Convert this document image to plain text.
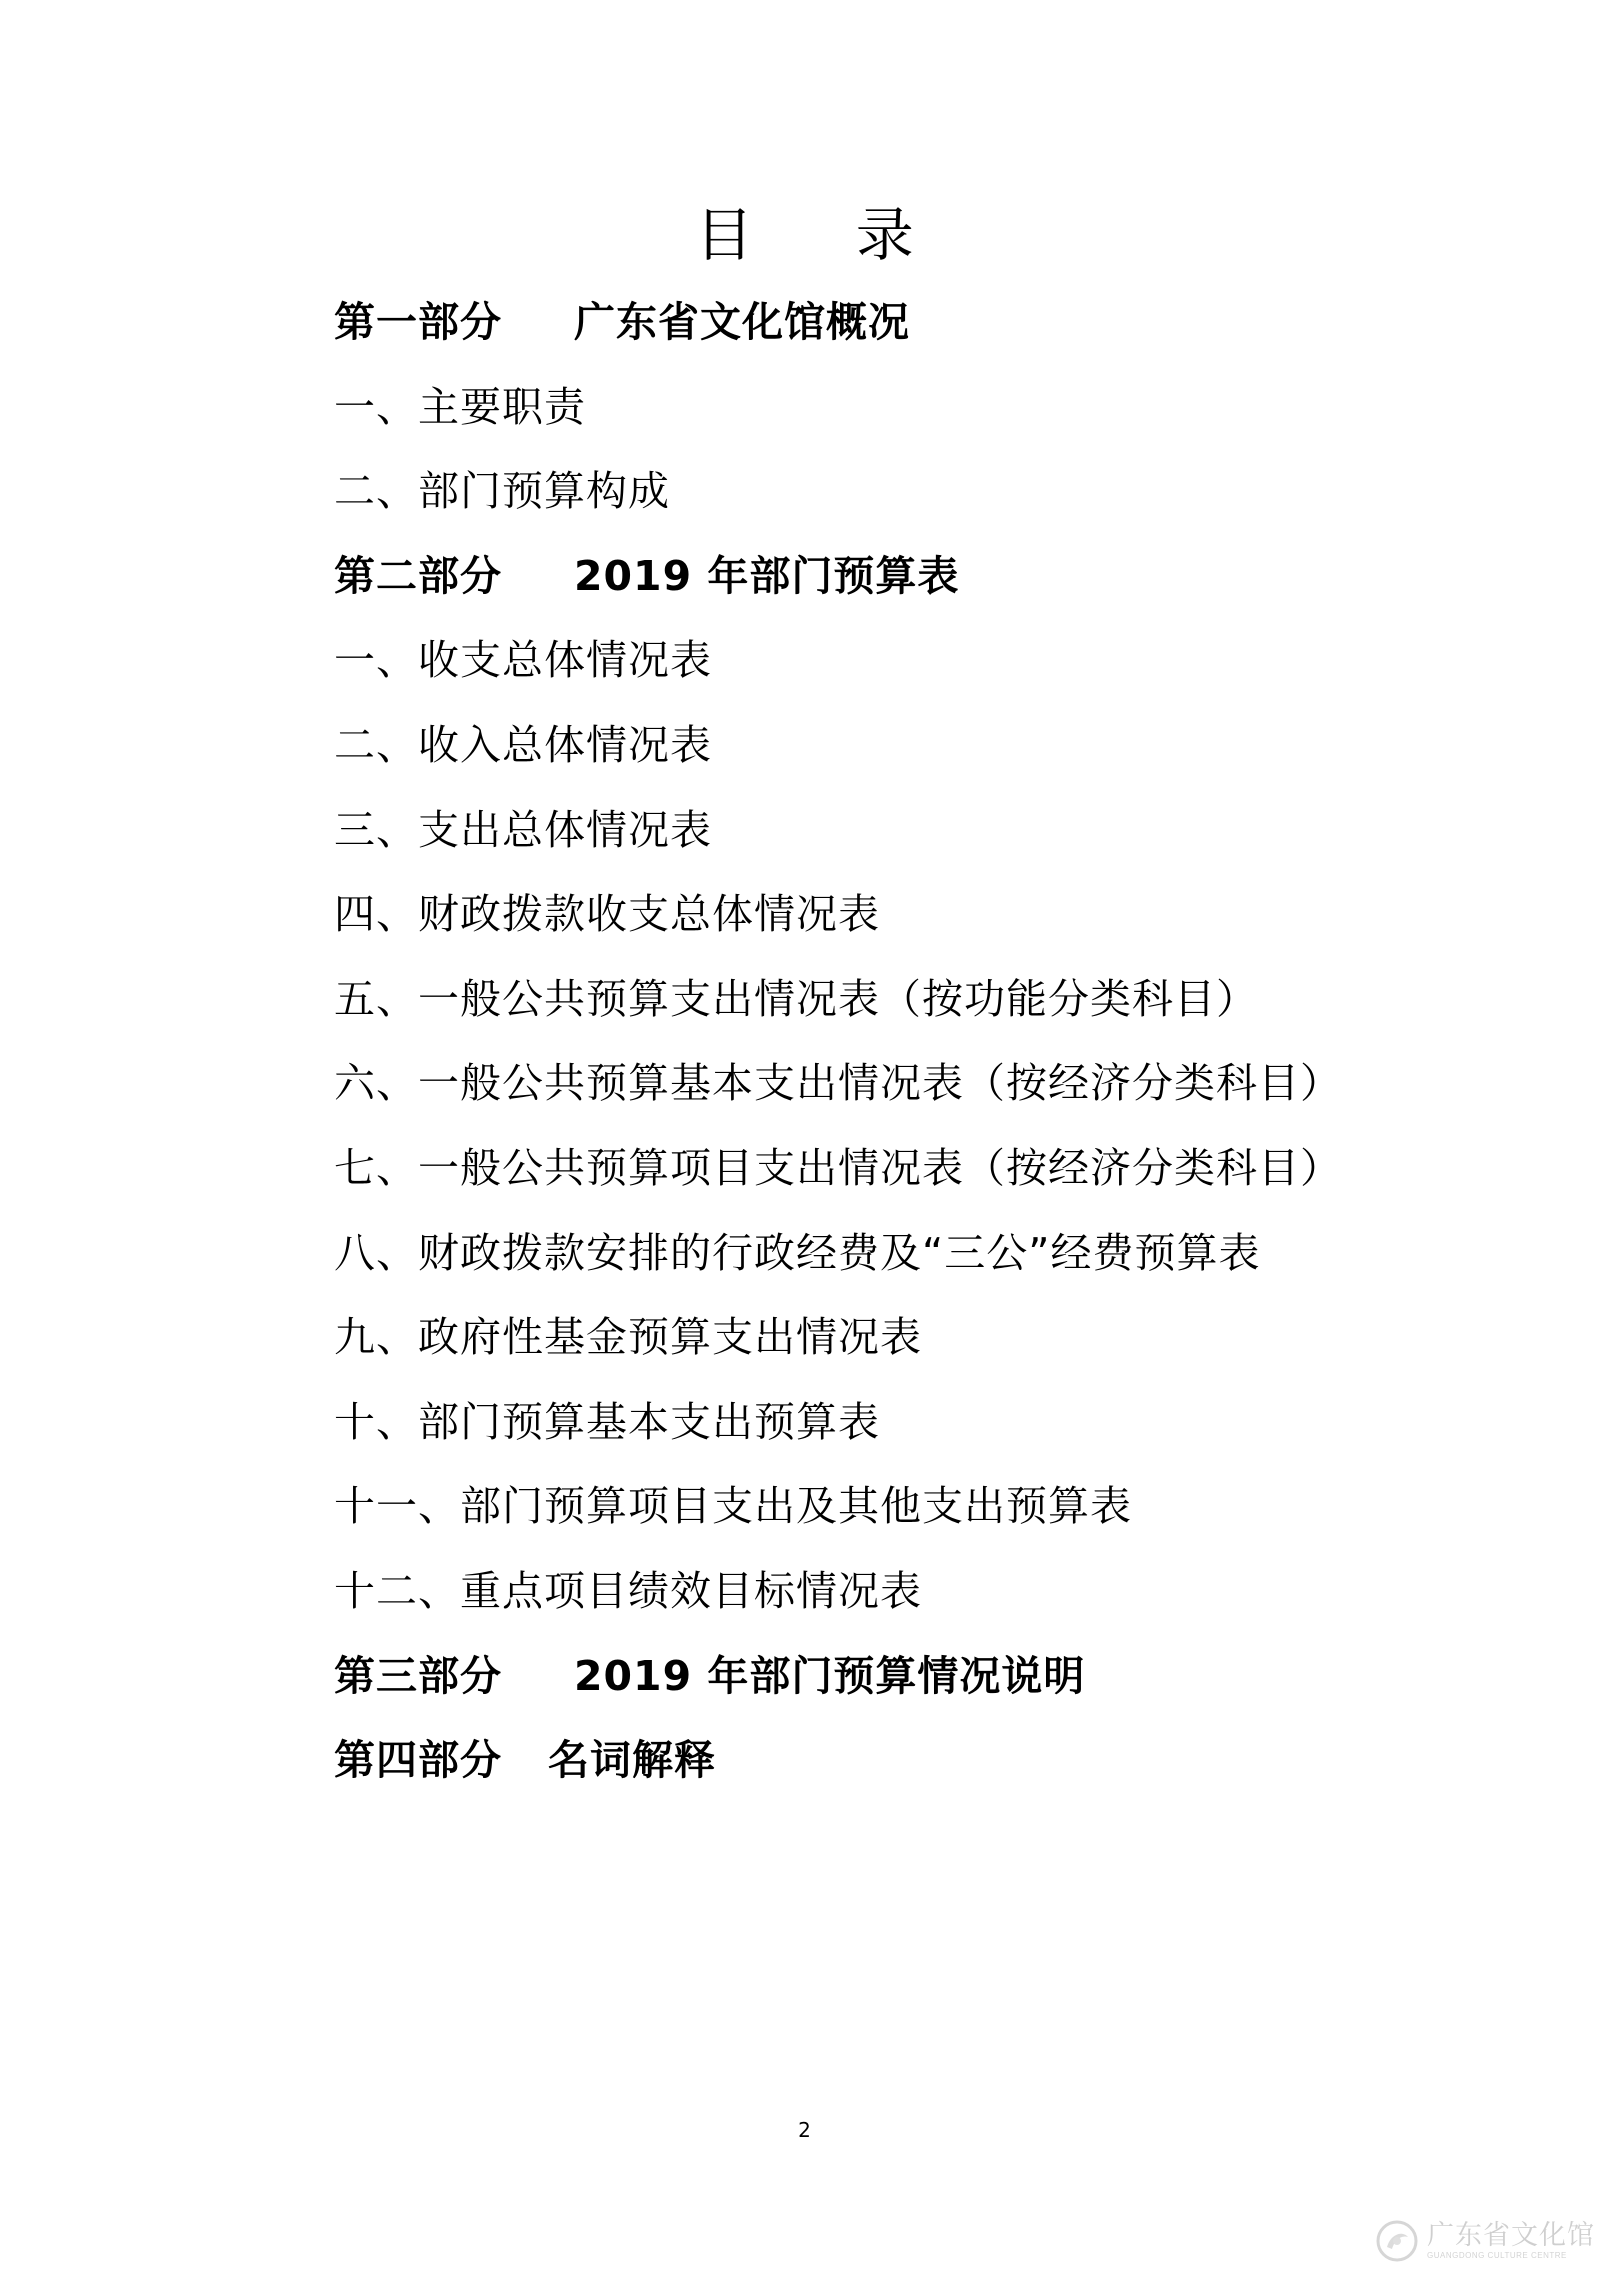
目 录
第一部分 广东省文化馆概况
一、主要职责
二、部门预算构成
第二部分 2019 年部门预算表
一、收支总体情况表
二、收入总体情况表
三、支出总体情况表
四、财政拨款收支总体情况表
五、一般公共预算支出情况表（按功能分类科目）
六、一般公共预算基本支出情况表（按经济分类科目）
七、一般公共预算项目支出情况表（按经济分类科目）
八、财政拨款安排的行政经费及“三公”经费预算表
九、政府性基金预算支出情况表
十、部门预算基本支出预算表
十一、部门预算项目支出及其他支出预算表
十二、重点项目绩效目标情况表
第三部分 2019 年部门预算情况说明
第四部分 名词解释
2
广东省文化馆
GUANGDONG CULTURE CENTRE
